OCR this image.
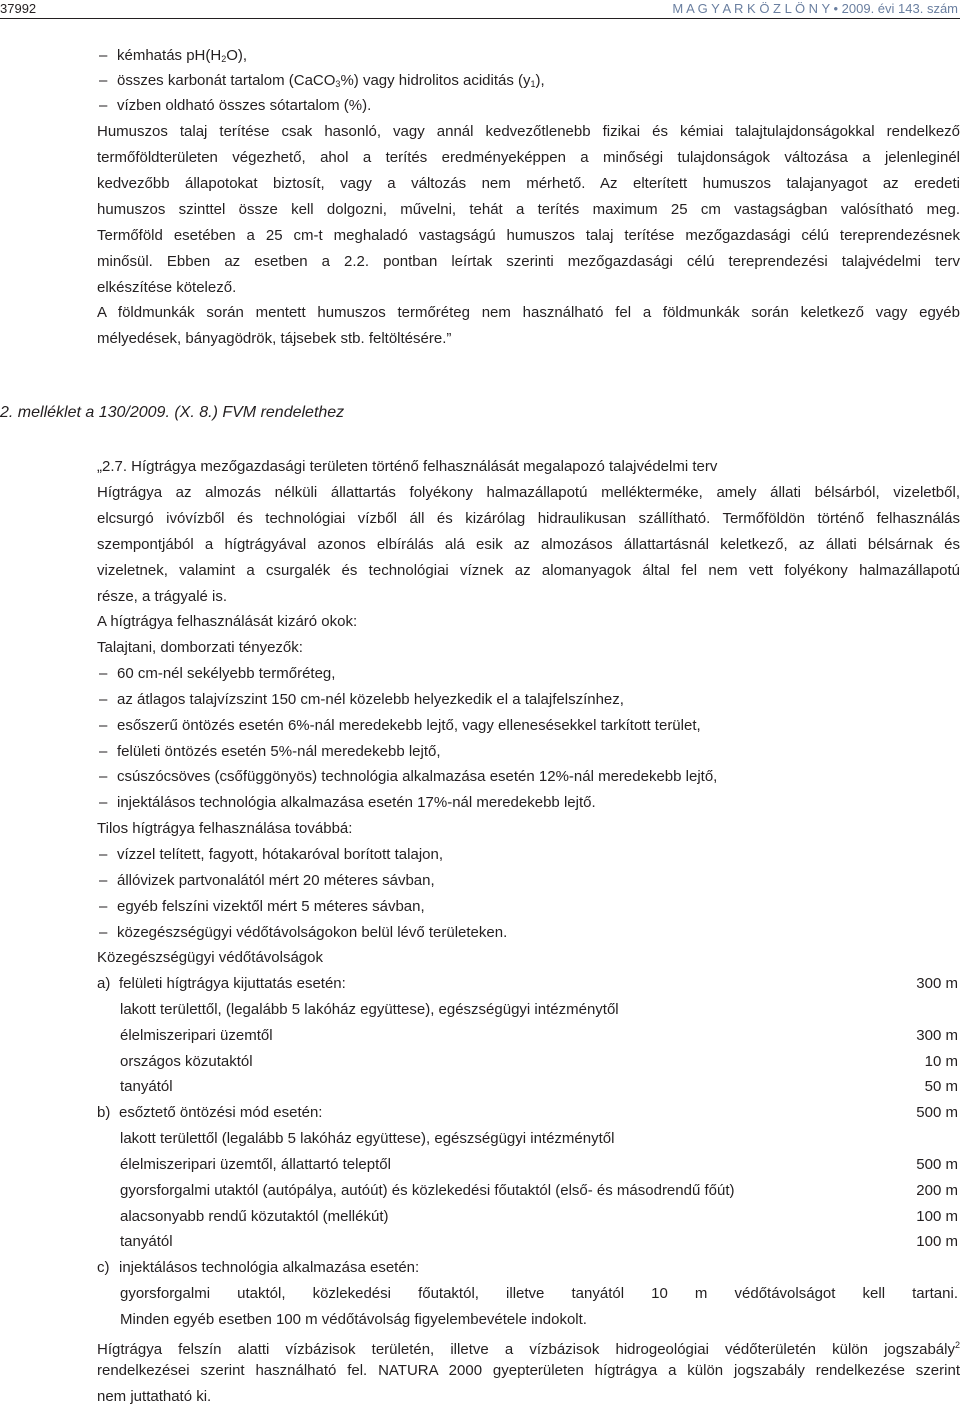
37992	M A G Y A R K Ö Z L Ö N Y • 2009. évi 143. szám
– kémhatás $pH(H_2O)$,
– összes karbonát tartalom (CaCO$_3$%) vagy hidrolitos aciditás $(y_1)$,
– vízben oldható összes sótartalom (%).
Humuszos talaj terítése csak hasonló, vagy annál kedvezőtlenebb fizikai és kémiai talajtulajdonságokkal rendelkező
termőföldterületen végezhető, ahol a terítés eredményeképpen a minőségi tulajdonságok változása a jelenleginél
kedvezőbb állapotokat biztosít, vagy a változás nem mérhető. Az elterített humuszos talajanyagot az eredeti
humuszos szinttel össze kell dolgozni, művelni, tehát a terítés maximum 25 cm vastagságban valósítható meg.
Termőföld esetében a 25 cm-t meghaladó vastagságú humuszos talaj terítése mezőgazdasági célú tereprendezésnek
minősül. Ebben az esetben a 2.2. pontban leírtak szerinti mezőgazdasági célú tereprendezési talajvédelmi terv
elkészítése kötelező.
A földmunkák során mentett humuszos termőréteg nem használható fel a földmunkák során keletkező vagy egyéb
mélyedések, bányagödrök, tájsebek stb. feltöltésére.”
2. melléklet a 130/2009. (X. 8.) FVM rendelethez
„2.7. Hígtrágya mezőgazdasági területen történő felhasználását megalapozó talajvédelmi terv
Hígtrágya az almozás nélküli állattartás folyékony halmazállapotú mellékterméke, amely állati bélsárból, vizeletből,
elcsurgó ivóvízből és technológiai vízből áll és kizárólag hidraulikusan szállítható. Termőföldön történő felhasználás
szempontjából a hígtrágyával azonos elbírálás alá esik az almozásos állattartásnál keletkező, az állati bélsárnak és
vizeletnek, valamint a csurgalék és technológiai víznek az alomanyagok által fel nem vett folyékony halmazállapotú
része, a trágyalé is.
A hígtrágya felhasználását kizáró okok:
Talajtani, domborzati tényezők:
– 60 cm-nél sekélyebb termőréteg,
– az átlagos talajvízszint 150 cm-nél közelebb helyezkedik el a talajfelszínhez,
– esőszerű öntözés esetén 6%-nál meredekebb lejtő, vagy ellenesésekkel tarkított terület,
– felületi öntözés esetén 5%-nál meredekebb lejtő,
– csúszócsöves (csőfüggönyös) technológia alkalmazása esetén 12%-nál meredekebb lejtő,
– injektálásos technológia alkalmazása esetén 17%-nál meredekebb lejtő.
Tilos hígtrágya felhasználása továbbá:
– vízzel telített, fagyott, hótakaróval borított talajon,
– állóvizek partvonalától mért 20 méteres sávban,
– egyéb felszíni vizektől mért 5 méteres sávban,
– közegészségügyi védőtávolságokon belül lévő területeken.
Közegészségügyi védőtávolságok
a) felületi hígtrágya kijuttatás esetén:	300 m
lakott területtől, (legalább 5 lakóház együttese), egészségügyi intézménytől
élelmiszeripari üzemtől	300 m
országos közutaktól	10 m
tanyától	50 m
b) esőztető öntözési mód esetén:	500 m
lakott területtől (legalább 5 lakóház együttese), egészségügyi intézménytől
élelmiszeripari üzemtől, állattartó teleptől	500 m
gyorsforgalmi utaktól (autópálya, autóút) és közlekedési főutaktól (első- és másodrendű főút)	200 m
alacsonyabb rendű közutaktól (mellékút)	100 m
tanyától	100 m
c) injektálásos technológia alkalmazása esetén:
gyorsforgalmi utaktól, közlekedési főutaktól, illetve tanyától 10 m védőtávolságot kell tartani.
Minden egyéb esetben 100 m védőtávolság figyelembevétele indokolt.
Hígtrágya felszín alatti vízbázisok területén, illetve a vízbázisok hidrogeológiai védőterületén külön jogszabály$^2$
rendelkezései szerint használható fel. NATURA 2000 gyepterületen hígtrágya a külön jogszabály rendelkezése szerint
nem juttatható ki.
